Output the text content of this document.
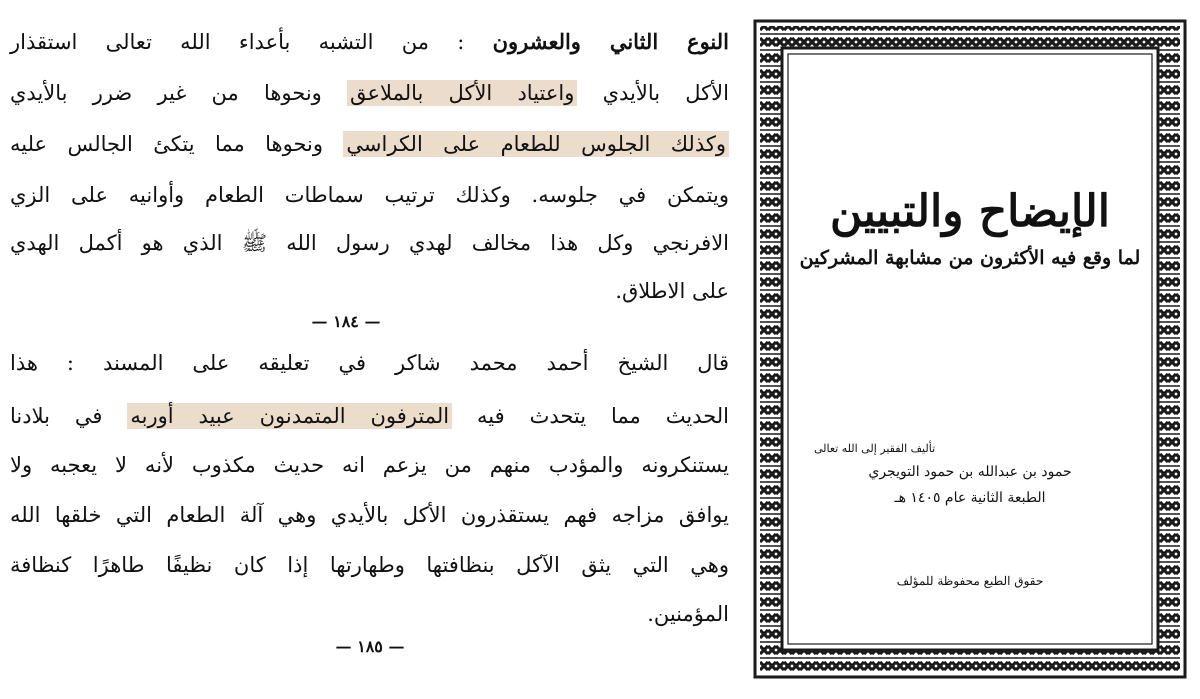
النوع الثاني والعشرون : من التشبه بأعداء الله تعالى استقذار
الأكل بالأيدي واعتياد الأكل بالملاعق ونحوها من غير ضرر بالأيدي
وكذلك الجلوس للطعام على الكراسي ونحوها مما يتكئ الجالس عليه
ويتمكن في جلوسه. وكذلك ترتيب سماطات الطعام وأوانيه على الزي
الافرنجي وكل هذا مخالف لهدي رسول الله ﷺ الذي هو أكمل الهدي
على الاطلاق.
— ١٨٤ —
قال الشيخ أحمد محمد شاكر في تعليقه على المسند : هذا
الحديث مما يتحدث فيه المترفون المتمدنون عبيد أوربه في بلادنا
يستنكرونه والمؤدب منهم من يزعم انه حديث مكذوب لأنه لا يعجبه ولا
يوافق مزاجه فهم يستقذرون الأكل بالأيدي وهي آلة الطعام التي خلقها الله
وهي التي يثق الآكل بنظافتها وطهارتها إذا كان نظيفًا طاهرًا كنظافة
المؤمنين.
— ١٨٥ —
الإيضاح والتبيين
لما وقع فيه الأكثرون من مشابهة المشركين
تأليف الفقير إلى الله تعالى
حمود بن عبدالله بن حمود التويجري
الطبعة الثانية عام ١٤٠٥ هـ
حقوق الطبع محفوظة للمؤلف
